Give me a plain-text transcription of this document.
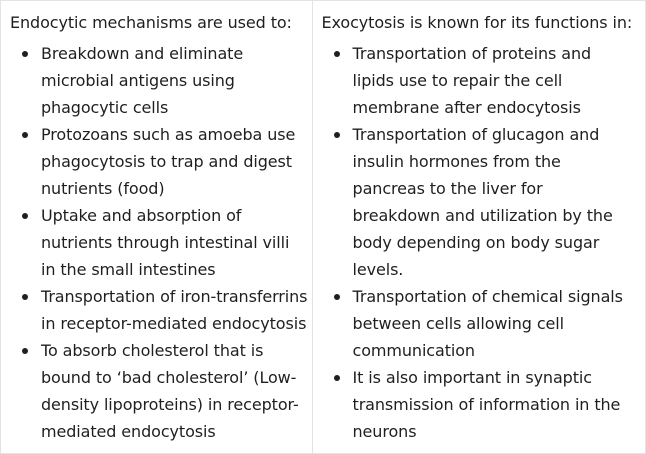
Endocytic mechanisms are used to:

Breakdown and eliminate microbial antigens using phagocytic cells
Protozoans such as amoeba use phagocytosis to trap and digest nutrients (food)
Uptake and absorption of nutrients through intestinal villi in the small intestines
Transportation of iron-transferrins in receptor-mediated endocytosis
To absorb cholesterol that is bound to ‘bad cholesterol’ (Low-density lipoproteins) in receptor-mediated endocytosis

Exocytosis is known for its functions in:

Transportation of proteins and lipids use to repair the cell membrane after endocytosis
Transportation of glucagon and insulin hormones from the pancreas to the liver for breakdown and utilization by the body depending on body sugar levels.
Transportation of chemical signals between cells allowing cell communication
It is also important in synaptic transmission of information in the neurons
